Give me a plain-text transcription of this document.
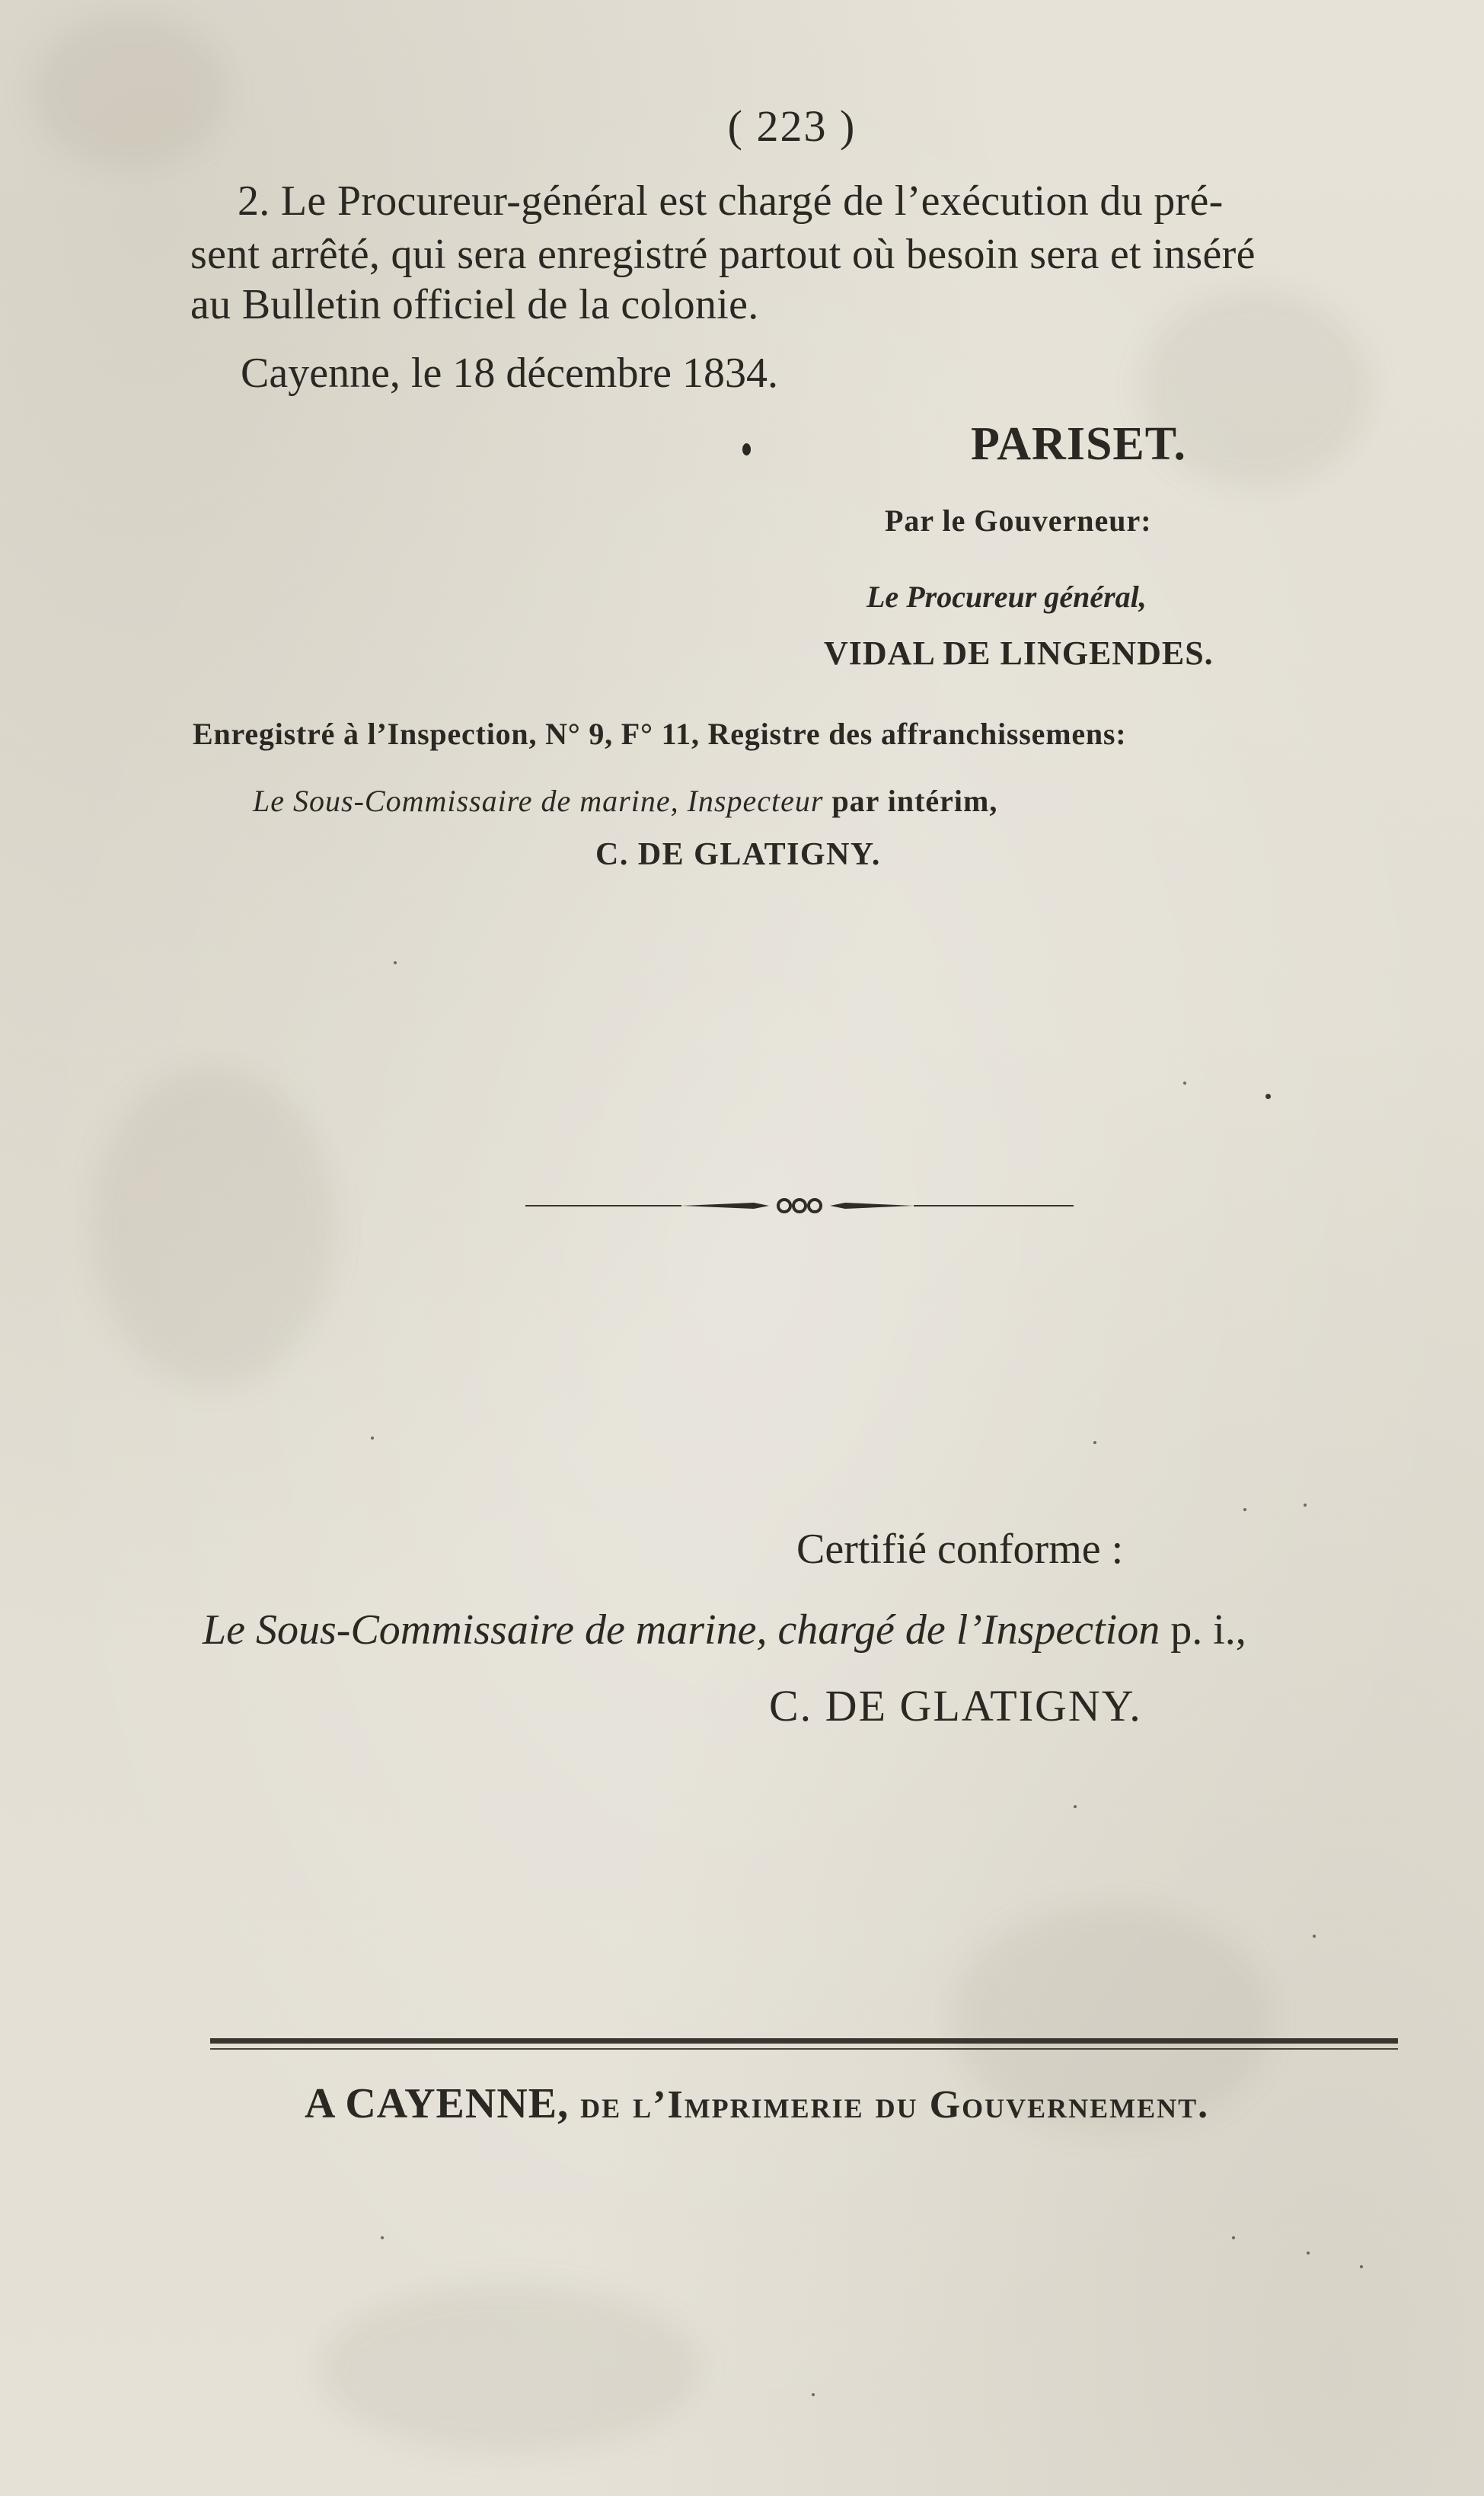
( 223 )
2. Le Procureur-général est chargé de l’exécution du pré-
sent arrêté, qui sera enregistré partout où besoin sera et inséré
au Bulletin officiel de la colonie.
Cayenne, le 18 décembre 1834.
PARISET.
Par le Gouverneur:
Le Procureur général,
VIDAL DE LINGENDES.
Enregistré à l’Inspection, N° 9, F° 11, Registre des affranchissemens:
Le Sous-Commissaire de marine, Inspecteur par intérim,
C. DE GLATIGNY.
Certifié conforme :
Le Sous-Commissaire de marine, chargé de l’Inspection p. i.,
C. DE GLATIGNY.
A CAYENNE, de l’Imprimerie du Gouvernement.
